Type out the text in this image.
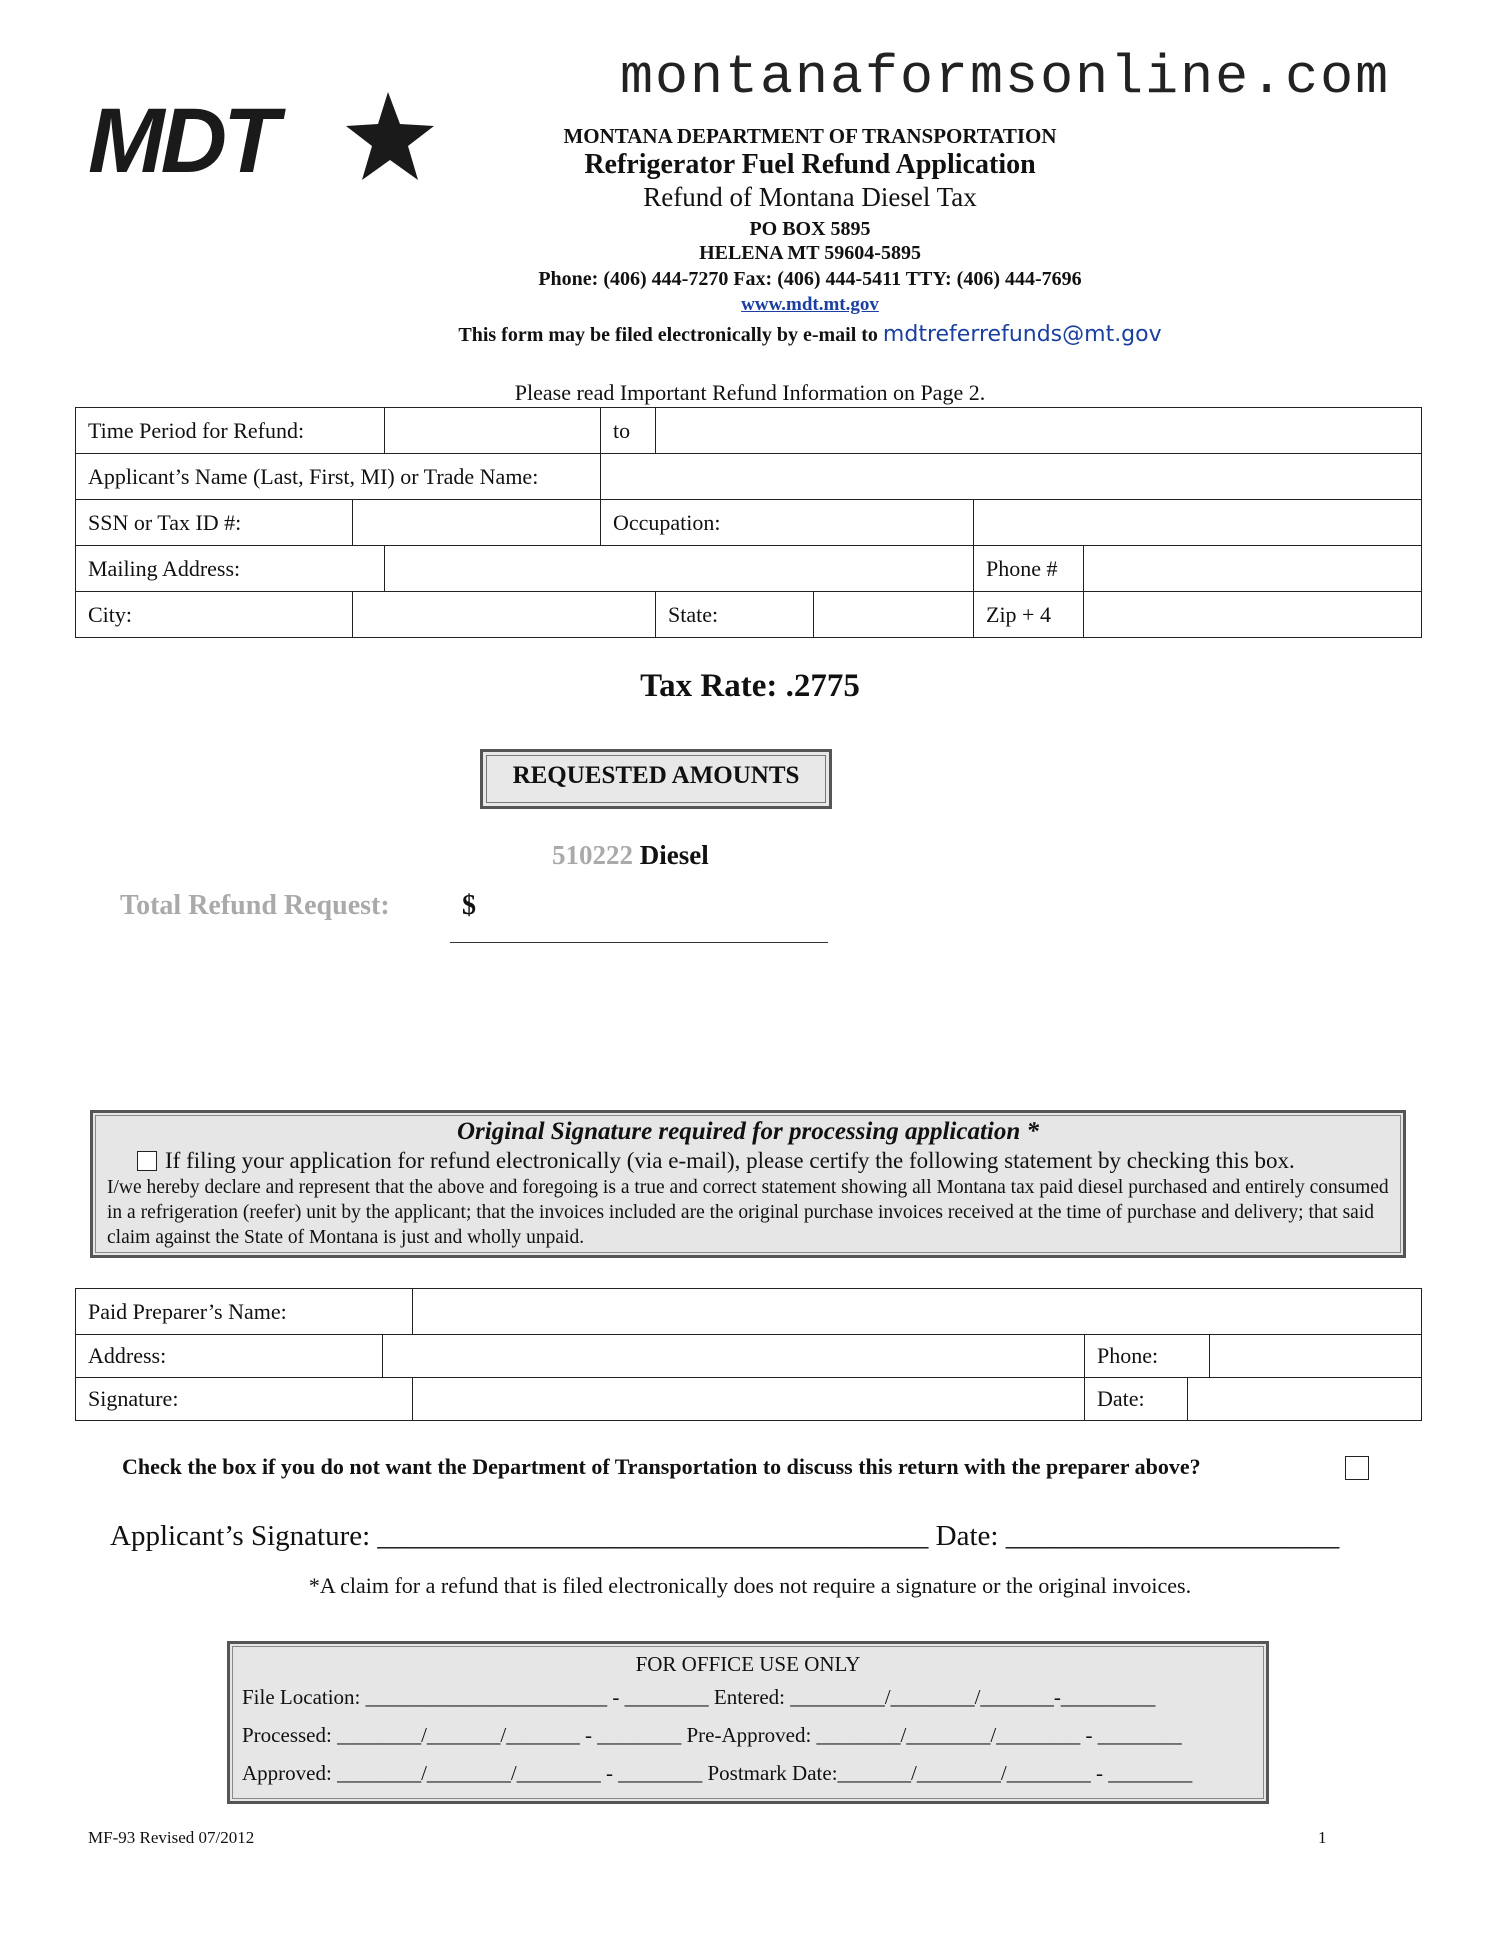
montanaformsonline.com
MDT	MONTANA DEPARTMENT OF TRANSPORTATION
Refrigerator Fuel Refund Application
Refund of Montana Diesel Tax
PO BOX 5895
HELENA MT 59604-5895
Phone: (406) 444-7270 Fax: (406) 444-5411 TTY: (406) 444-7696
www.mdt.mt.gov
This form may be filed electronically by e-mail to mdtreferrefunds@mt.gov
Please read Important Refund Information on Page 2.
Time Period for Refund:			to				
Applicant’s Name (Last, First, MI) or Trade Name:							
SSN or Tax ID #:			Occupation:				
Mailing Address:						Phone #	
City:				State:		Zip + 4	
Tax Rate: .2775
REQUESTED AMOUNTS
510222 Diesel
Total Refund Request:	$
Original Signature required for processing application *
If filing your application for refund electronically (via e-mail), please certify the following statement by checking this box.
I/we hereby declare and represent that the above and foregoing is a true and correct statement showing all Montana tax paid diesel purchased and entirely consumed in a refrigeration (reefer) unit by the applicant; that the invoices included are the original purchase invoices received at the time of purchase and delivery; that said claim against the State of Montana is just and wholly unpaid.
Paid Preparer’s Name:					
Address:			Phone:		
Signature:			Date:		
Check the box if you do not want the Department of Transportation to discuss this return with the preparer above?
Applicant’s Signature: ______________________________________ Date: _______________________
*A claim for a refund that is filed electronically does not require a signature or the original invoices.
FOR OFFICE USE ONLY
File Location: _______________________ - ________ Entered: _________/________/_______-_________
Processed: ________/_______/_______ - ________ Pre-Approved: ________/________/________ - ________
Approved: ________/________/________ - ________ Postmark Date:_______/________/________ - ________
MF-93 Revised 07/2012	1
